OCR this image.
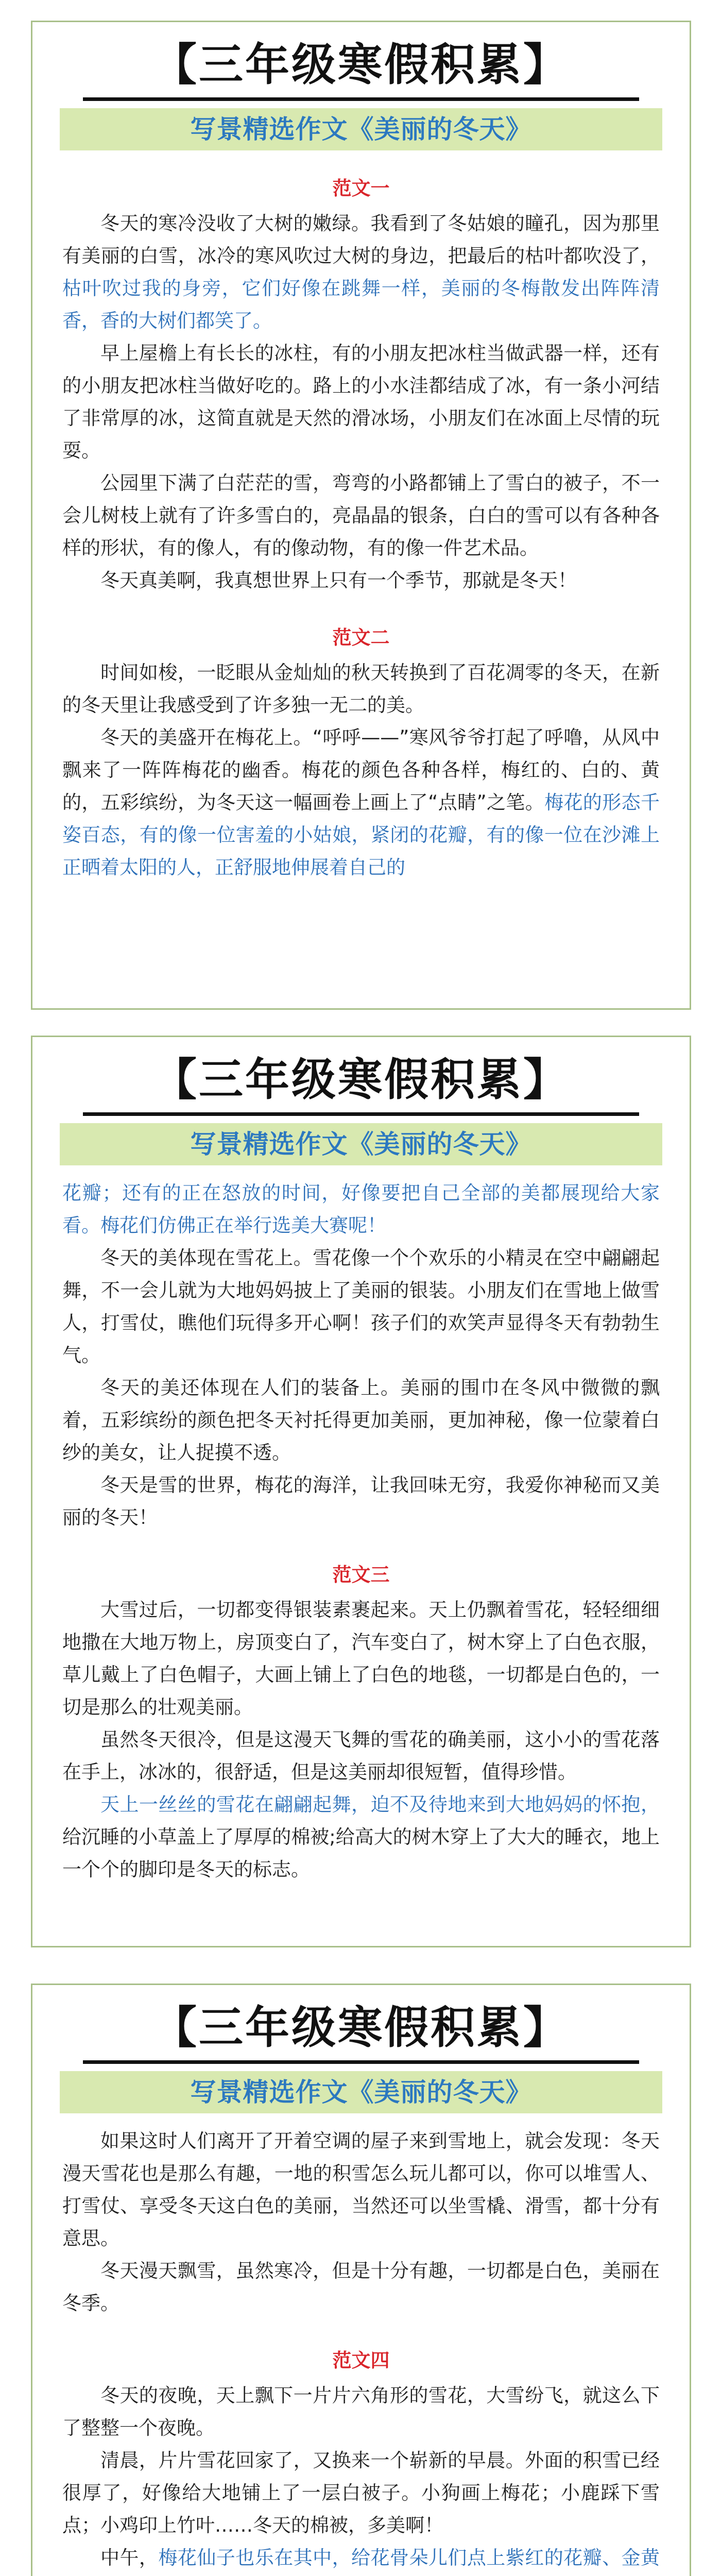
【三年级寒假积累】
写景精选作文《美丽的冬天》
范文一

冬天的寒冷没收了大树的嫩绿。我看到了冬姑娘的瞳孔，因为那里有美丽的白雪，冰冷的寒风吹过大树的身边，把最后的枯叶都吹没了，枯叶吹过我的身旁，它们好像在跳舞一样，美丽的冬梅散发出阵阵清香，香的大树们都笑了。

早上屋檐上有长长的冰柱，有的小朋友把冰柱当做武器一样，还有的小朋友把冰柱当做好吃的。路上的小水洼都结成了冰，有一条小河结了非常厚的冰，这简直就是天然的滑冰场，小朋友们在冰面上尽情的玩耍。

公园里下满了白茫茫的雪，弯弯的小路都铺上了雪白的被子，不一会儿树枝上就有了许多雪白的，亮晶晶的银条，白白的雪可以有各种各样的形状，有的像人，有的像动物，有的像一件艺术品。

冬天真美啊，我真想世界上只有一个季节，那就是冬天！

范文二

时间如梭，一眨眼从金灿灿的秋天转换到了百花凋零的冬天，在新的冬天里让我感受到了许多独一无二的美。

冬天的美盛开在梅花上。“呼呼——”寒风爷爷打起了呼噜，从风中飘来了一阵阵梅花的幽香。梅花的颜色各种各样，梅红的、白的、黄的，五彩缤纷，为冬天这一幅画卷上画上了“点睛”之笔。梅花的形态千姿百态，有的像一位害羞的小姑娘，紧闭的花瓣，有的像一位在沙滩上正晒着太阳的人，正舒服地伸展着自己的

【三年级寒假积累】
写景精选作文《美丽的冬天》

花瓣；还有的正在怒放的时间，好像要把自己全部的美都展现给大家看。梅花们仿佛正在举行选美大赛呢！

冬天的美体现在雪花上。雪花像一个个欢乐的小精灵在空中翩翩起舞，不一会儿就为大地妈妈披上了美丽的银装。小朋友们在雪地上做雪人，打雪仗，瞧他们玩得多开心啊！孩子们的欢笑声显得冬天有勃勃生气。

冬天的美还体现在人们的装备上。美丽的围巾在冬风中微微的飘着，五彩缤纷的颜色把冬天衬托得更加美丽，更加神秘，像一位蒙着白纱的美女，让人捉摸不透。

冬天是雪的世界，梅花的海洋，让我回味无穷，我爱你神秘而又美丽的冬天！

范文三

大雪过后，一切都变得银装素裹起来。天上仍飘着雪花，轻轻细细地撒在大地万物上，房顶变白了，汽车变白了，树木穿上了白色衣服，草儿戴上了白色帽子，大画上铺上了白色的地毯，一切都是白色的，一切是那么的壮观美丽。

虽然冬天很冷，但是这漫天飞舞的雪花的确美丽，这小小的雪花落在手上，冰冰的，很舒适，但是这美丽却很短暂，值得珍惜。

天上一丝丝的雪花在翩翩起舞，迫不及待地来到大地妈妈的怀抱，给沉睡的小草盖上了厚厚的棉被;给高大的树木穿上了大大的睡衣，地上一个个的脚印是冬天的标志。

【三年级寒假积累】
写景精选作文《美丽的冬天》

如果这时人们离开了开着空调的屋子来到雪地上，就会发现：冬天漫天雪花也是那么有趣，一地的积雪怎么玩儿都可以，你可以堆雪人、打雪仗、享受冬天这白色的美丽，当然还可以坐雪橇、滑雪，都十分有意思。

冬天漫天飘雪，虽然寒冷，但是十分有趣，一切都是白色，美丽在冬季。

范文四

冬天的夜晚，天上飘下一片片六角形的雪花，大雪纷飞，就这么下了整整一个夜晚。

清晨，片片雪花回家了，又换来一个崭新的早晨。外面的积雪已经很厚了，好像给大地铺上了一层白被子。小狗画上梅花；小鹿踩下雪点；小鸡印上竹叶……冬天的棉被，多美啊！

中午，梅花仙子也乐在其中，给花骨朵儿们点上紫红的花瓣、金黄
